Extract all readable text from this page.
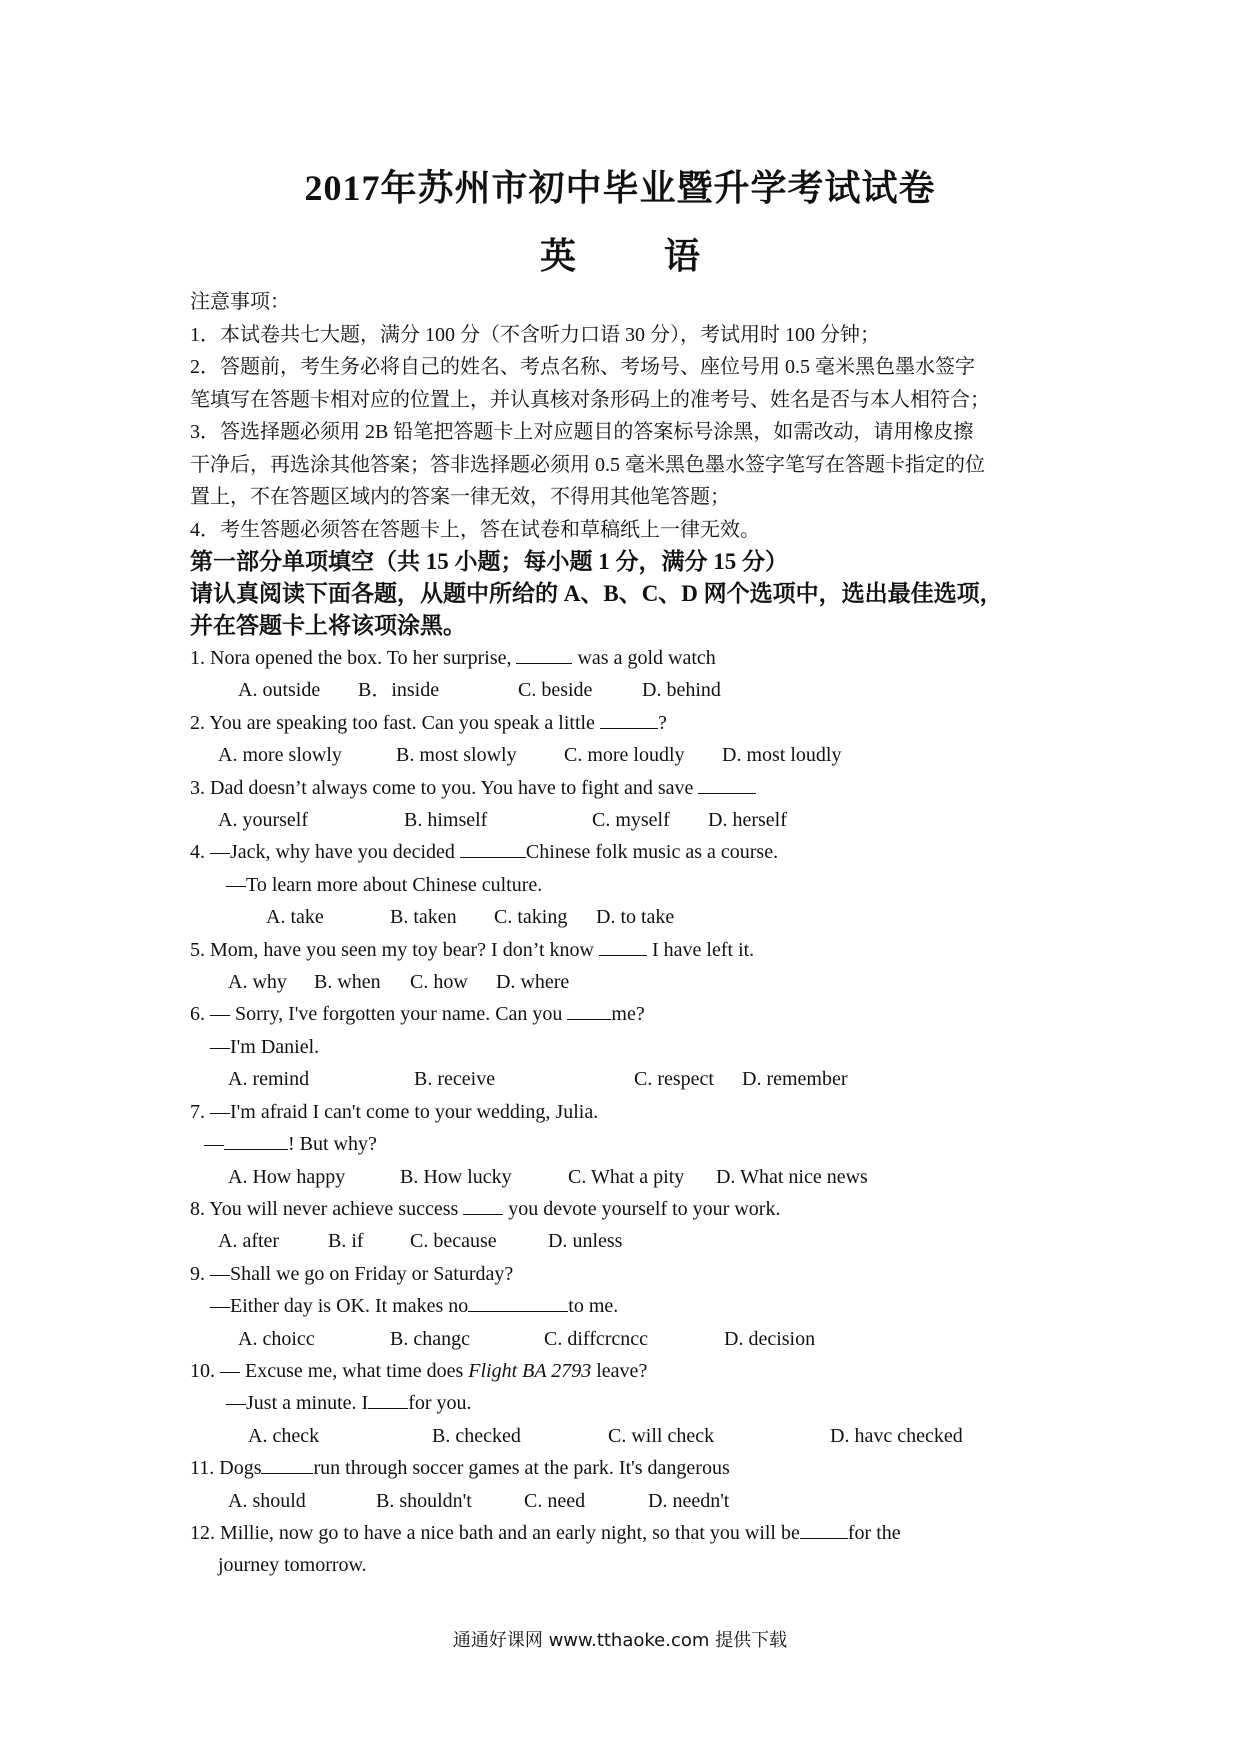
2017年苏州市初中毕业暨升学考试试卷
英 语
注意事项：
1．本试卷共七大题，满分 100 分（不含听力口语 30 分），考试用时 100 分钟；
2．答题前，考生务必将自己的姓名、考点名称、考场号、座位号用 0.5 毫米黑色墨水签字
笔填写在答题卡相对应的位置上，并认真核对条形码上的准考号、姓名是否与本人相符合；
3．答选择题必须用 2B 铅笔把答题卡上对应题目的答案标号涂黑，如需改动，请用橡皮擦
干净后，再选涂其他答案；答非选择题必须用 0.5 毫米黑色墨水签字笔写在答题卡指定的位
置上，不在答题区域内的答案一律无效，不得用其他笔答题；
4．考生答题必须答在答题卡上，答在试卷和草稿纸上一律无效。
第一部分单项填空（共 15 小题；每小题 1 分，满分 15 分）
请认真阅读下面各题，从题中所给的 A、B、C、D 网个选项中，选出最佳选项，
并在答题卡上将该项涂黑。
1. Nora opened the box. To her surprise,	was a gold watch
A. outside	B．inside	C. beside	D. behind
2. You are speaking too fast. Can you speak a little	?
A. more slowly	B. most slowly	C. more loudly	D. most loudly
3. Dad doesn’t always come to you. You have to fight and save
A. yourself	B. himself	C. myself	D. herself
4. —Jack, why have you decided	Chinese folk music as a course.
—To learn more about Chinese culture.
A. take	B. taken	C. taking	D. to take
5. Mom, have you seen my toy bear? I don’t know  I have left it.
A. why	B. when	C. how	D. where
6. — Sorry, I've forgotten your name. Can you me?
—I'm Daniel.
A. remind	B. receive	C. respect	D. remember
7. —I'm afraid I can't come to your wedding, Julia.
—	! But why?
A. How happy	B. How lucky	C. What a pity	D. What nice news
8. You will never achieve success  you devote yourself to your work.
A. after	B. if	C. because	D. unless
9. —Shall we go on Friday or Saturday?
—Either day is OK. It makes no	to me.
A. choicc	B. changc	C. diffcrcncc	D. decision
10. — Excuse me, what time does Flight BA 2793 leave?
—Just a minute. I for you.
A. check	B. checked	C. will check	D. havc checked
11. Dogs	run through soccer games at the park. It's dangerous
A. should	B. shouldn't	C. need	D. needn't
12. Millie, now go to have a nice bath and an early night, so that you will be for the
journey tomorrow.
通通好课网 www.tthaoke.com 提供下载
